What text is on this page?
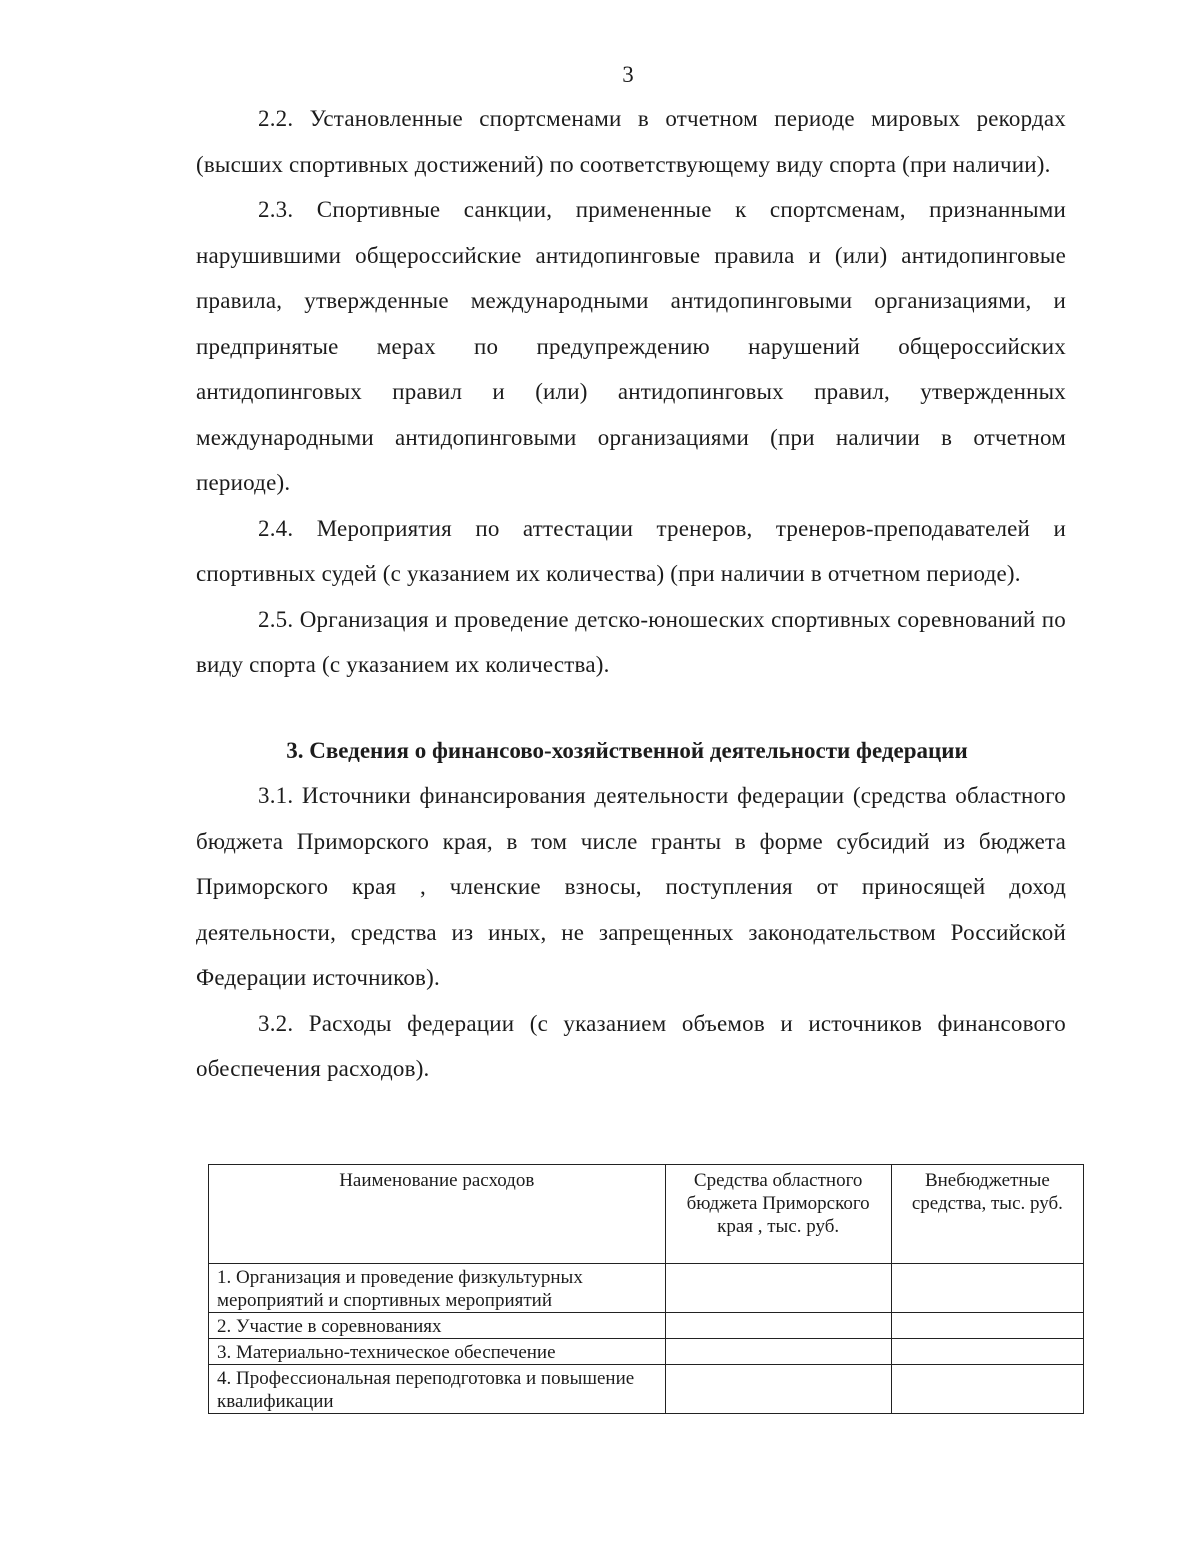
3

2.2. Установленные спортсменами в отчетном периоде мировых рекордах (высших спортивных достижений) по соответствующему виду спорта (при наличии).

2.3. Спортивные санкции, примененные к спортсменам, признанными нарушившими общероссийские антидопинговые правила и (или) антидопинговые правила, утвержденные международными антидопинговыми организациями, и предпринятые мерах по предупреждению нарушений общероссийских антидопинговых правил и (или) антидопинговых правил, утвержденных международными антидопинговыми организациями (при наличии в отчетном периоде).

2.4. Мероприятия по аттестации тренеров, тренеров-преподавателей и спортивных судей (с указанием их количества) (при наличии в отчетном периоде).

2.5. Организация и проведение детско-юношеских спортивных соревнований по виду спорта (с указанием их количества).

3. Сведения о финансово-хозяйственной деятельности федерации

3.1. Источники финансирования деятельности федерации (средства областного бюджета Приморского края, в том числе гранты в форме субсидий из бюджета Приморского края , членские взносы, поступления от приносящей доход деятельности, средства из иных, не запрещенных законодательством Российской Федерации источников).

3.2. Расходы федерации (с указанием объемов и источников финансового обеспечения расходов).

Наименование расходов	Средства областного бюджета Приморского края , тыс. руб.	Внебюджетные средства, тыс. руб.
1. Организация и проведение физкультурных мероприятий и спортивных мероприятий		
2. Участие в соревнованиях		
3. Материально-техническое обеспечение		
4. Профессиональная переподготовка и повышение квалификации		
